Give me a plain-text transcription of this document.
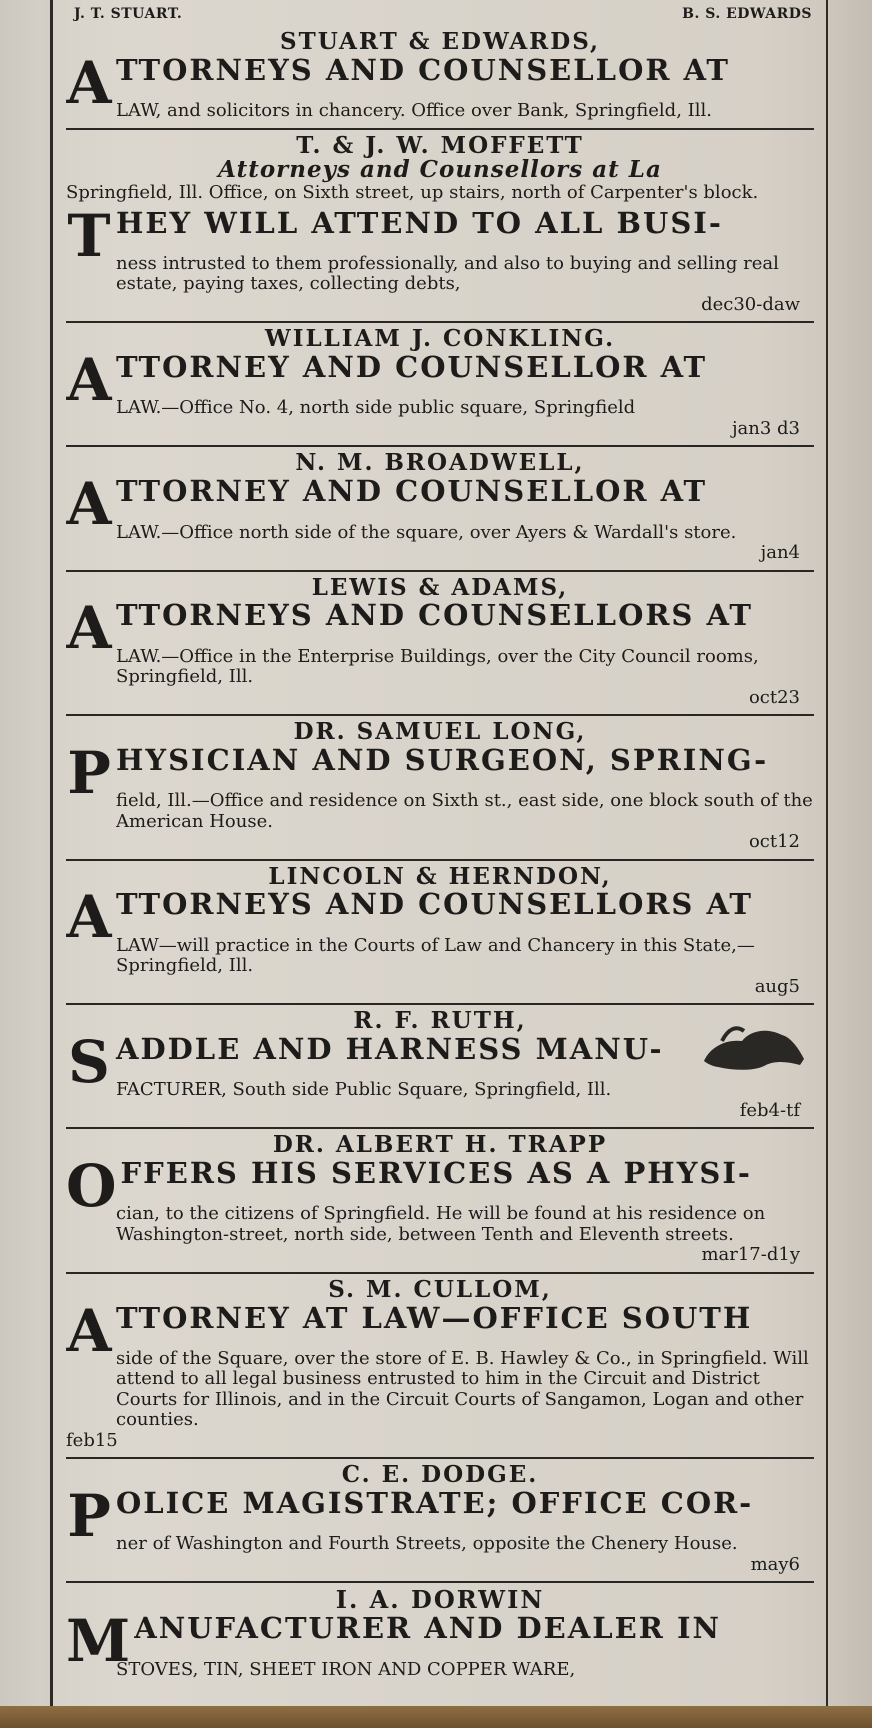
J. T. STUART.	B. S. EDWARDS
STUART & EDWARDS,
A TTORNEYS AND COUNSELLOR AT
LAW, and solicitors in chancery. Office over Bank, Springfield, Ill.
T. & J. W. MOFFETT
Attorneys and Counsellors at La
Springfield, Ill. Office, on Sixth street, up stairs, north of Carpenter's block.
T HEY WILL ATTEND TO ALL BUSI-
ness intrusted to them professionally, and also to buying and selling real estate, paying taxes, collecting debts,
dec30-daw
WILLIAM J. CONKLING.
A TTORNEY AND COUNSELLOR AT
LAW.—Office No. 4, north side public square, Springfield
jan3 d3
N. M. BROADWELL,
A TTORNEY AND COUNSELLOR AT
LAW.—Office north side of the square, over Ayers & Wardall's store.
jan4
LEWIS & ADAMS,
A TTORNEYS AND COUNSELLORS AT
LAW.—Office in the Enterprise Buildings, over the City Council rooms, Springfield, Ill.
oct23
DR. SAMUEL LONG,
P HYSICIAN AND SURGEON, SPRING-
field, Ill.—Office and residence on Sixth st., east side, one block south of the American House.
oct12
LINCOLN & HERNDON,
A TTORNEYS AND COUNSELLORS AT
LAW—will practice in the Courts of Law and Chancery in this State,—Springfield, Ill.
aug5
R. F. RUTH,
S ADDLE AND HARNESS MANU-
FACTURER, South side Public Square, Springfield, Ill.
feb4-tf
DR. ALBERT H. TRAPP
O FFERS HIS SERVICES AS A PHYSI-
cian, to the citizens of Springfield. He will be found at his residence on Washington-street, north side, between Tenth and Eleventh streets.
mar17-d1y
S. M. CULLOM,
A TTORNEY AT LAW—OFFICE SOUTH
side of the Square, over the store of E. B. Hawley & Co., in Springfield. Will attend to all legal business entrusted to him in the Circuit and District Courts for Illinois, and in the Circuit Courts of Sangamon, Logan and other counties.
feb15
C. E. DODGE.
P OLICE MAGISTRATE; OFFICE COR-
ner of Washington and Fourth Streets, opposite the Chenery House.
may6
I. A. DORWIN
M ANUFACTURER AND DEALER IN
STOVES, TIN, SHEET IRON AND COPPER WARE,
